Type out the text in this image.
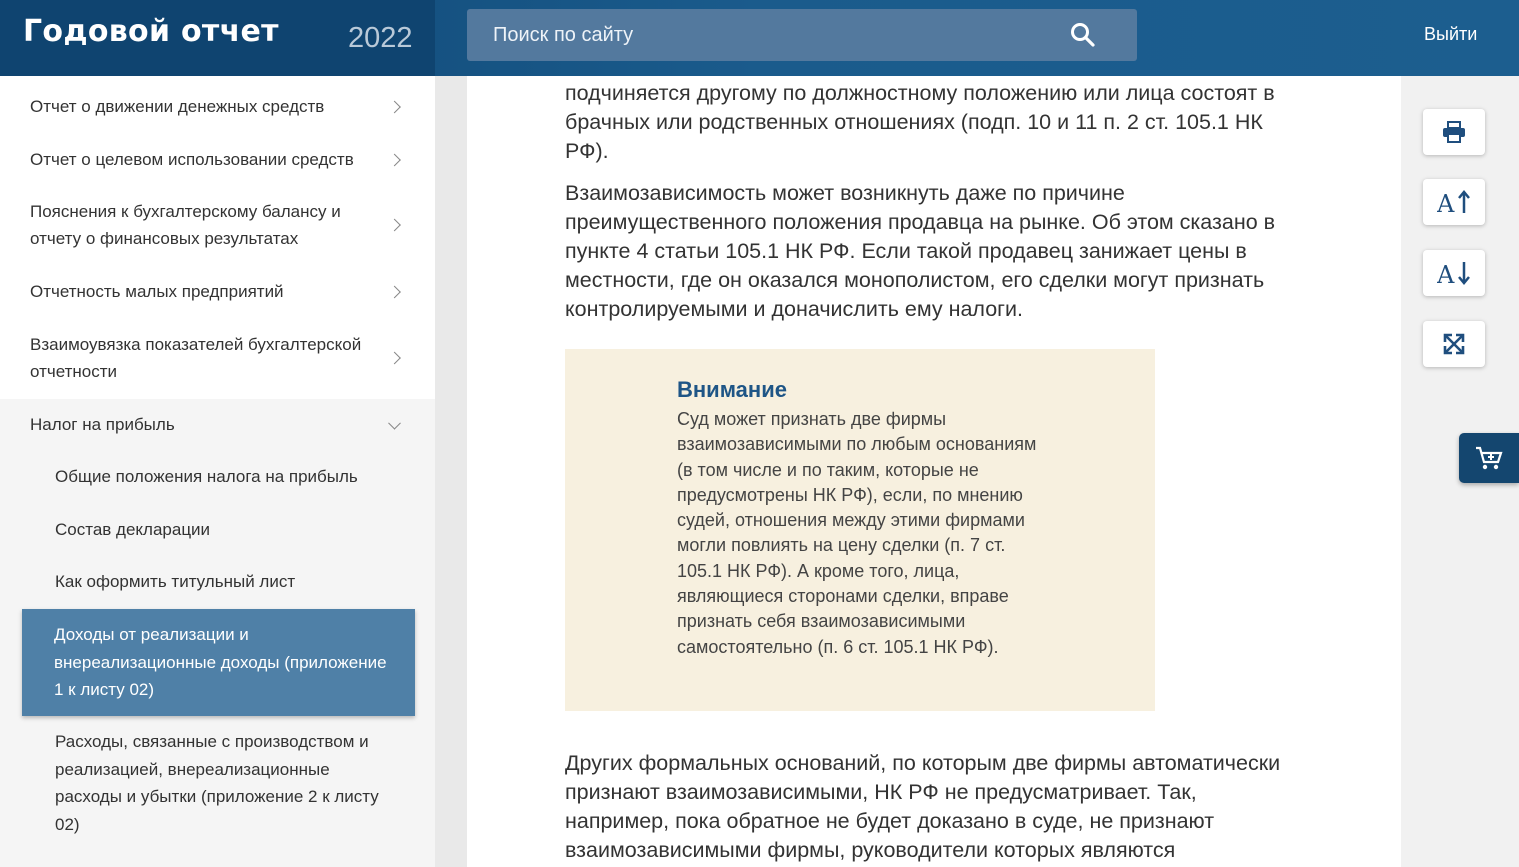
Годовой отчет 2022
Поиск по сайту	Выйти
Отчет о движении денежных средств
Отчет о целевом использовании средств
Пояснения к бухгалтерскому балансу и отчету о финансовых результатах
Отчетность малых предприятий
Взаимоувязка показателей бухгалтерской отчетности
Налог на прибыль
Общие положения налога на прибыль
Состав декларации
Как оформить титульный лист
Доходы от реализации и внереализационные доходы (приложение 1 к листу 02)
Расходы, связанные с производством и реализацией, внереализационные расходы и убытки (приложение 2 к листу 02)

подчиняется другому по должностному положению или лица состоят в брачных или родственных отношениях (подп. 10 и 11 п. 2 ст. 105.1 НК РФ).

Взаимозависимость может возникнуть даже по причине преимущественного положения продавца на рынке. Об этом сказано в пункте 4 статьи 105.1 НК РФ. Если такой продавец занижает цены в местности, где он оказался монополистом, его сделки могут признать контролируемыми и доначислить ему налоги.

Внимание
Суд может признать две фирмы взаимозависимыми по любым основаниям (в том числе и по таким, которые не предусмотрены НК РФ), если, по мнению судей, отношения между этими фирмами могли повлиять на цену сделки (п. 7 ст. 105.1 НК РФ). А кроме того, лица, являющиеся сторонами сделки, вправе признать себя взаимозависимыми самостоятельно (п. 6 ст. 105.1 НК РФ).

Других формальных оснований, по которым две фирмы автоматически признают взаимозависимыми, НК РФ не предусматривает. Так, например, пока обратное не будет доказано в суде, не признают взаимозависимыми фирмы, руководители которых являются

A
A
